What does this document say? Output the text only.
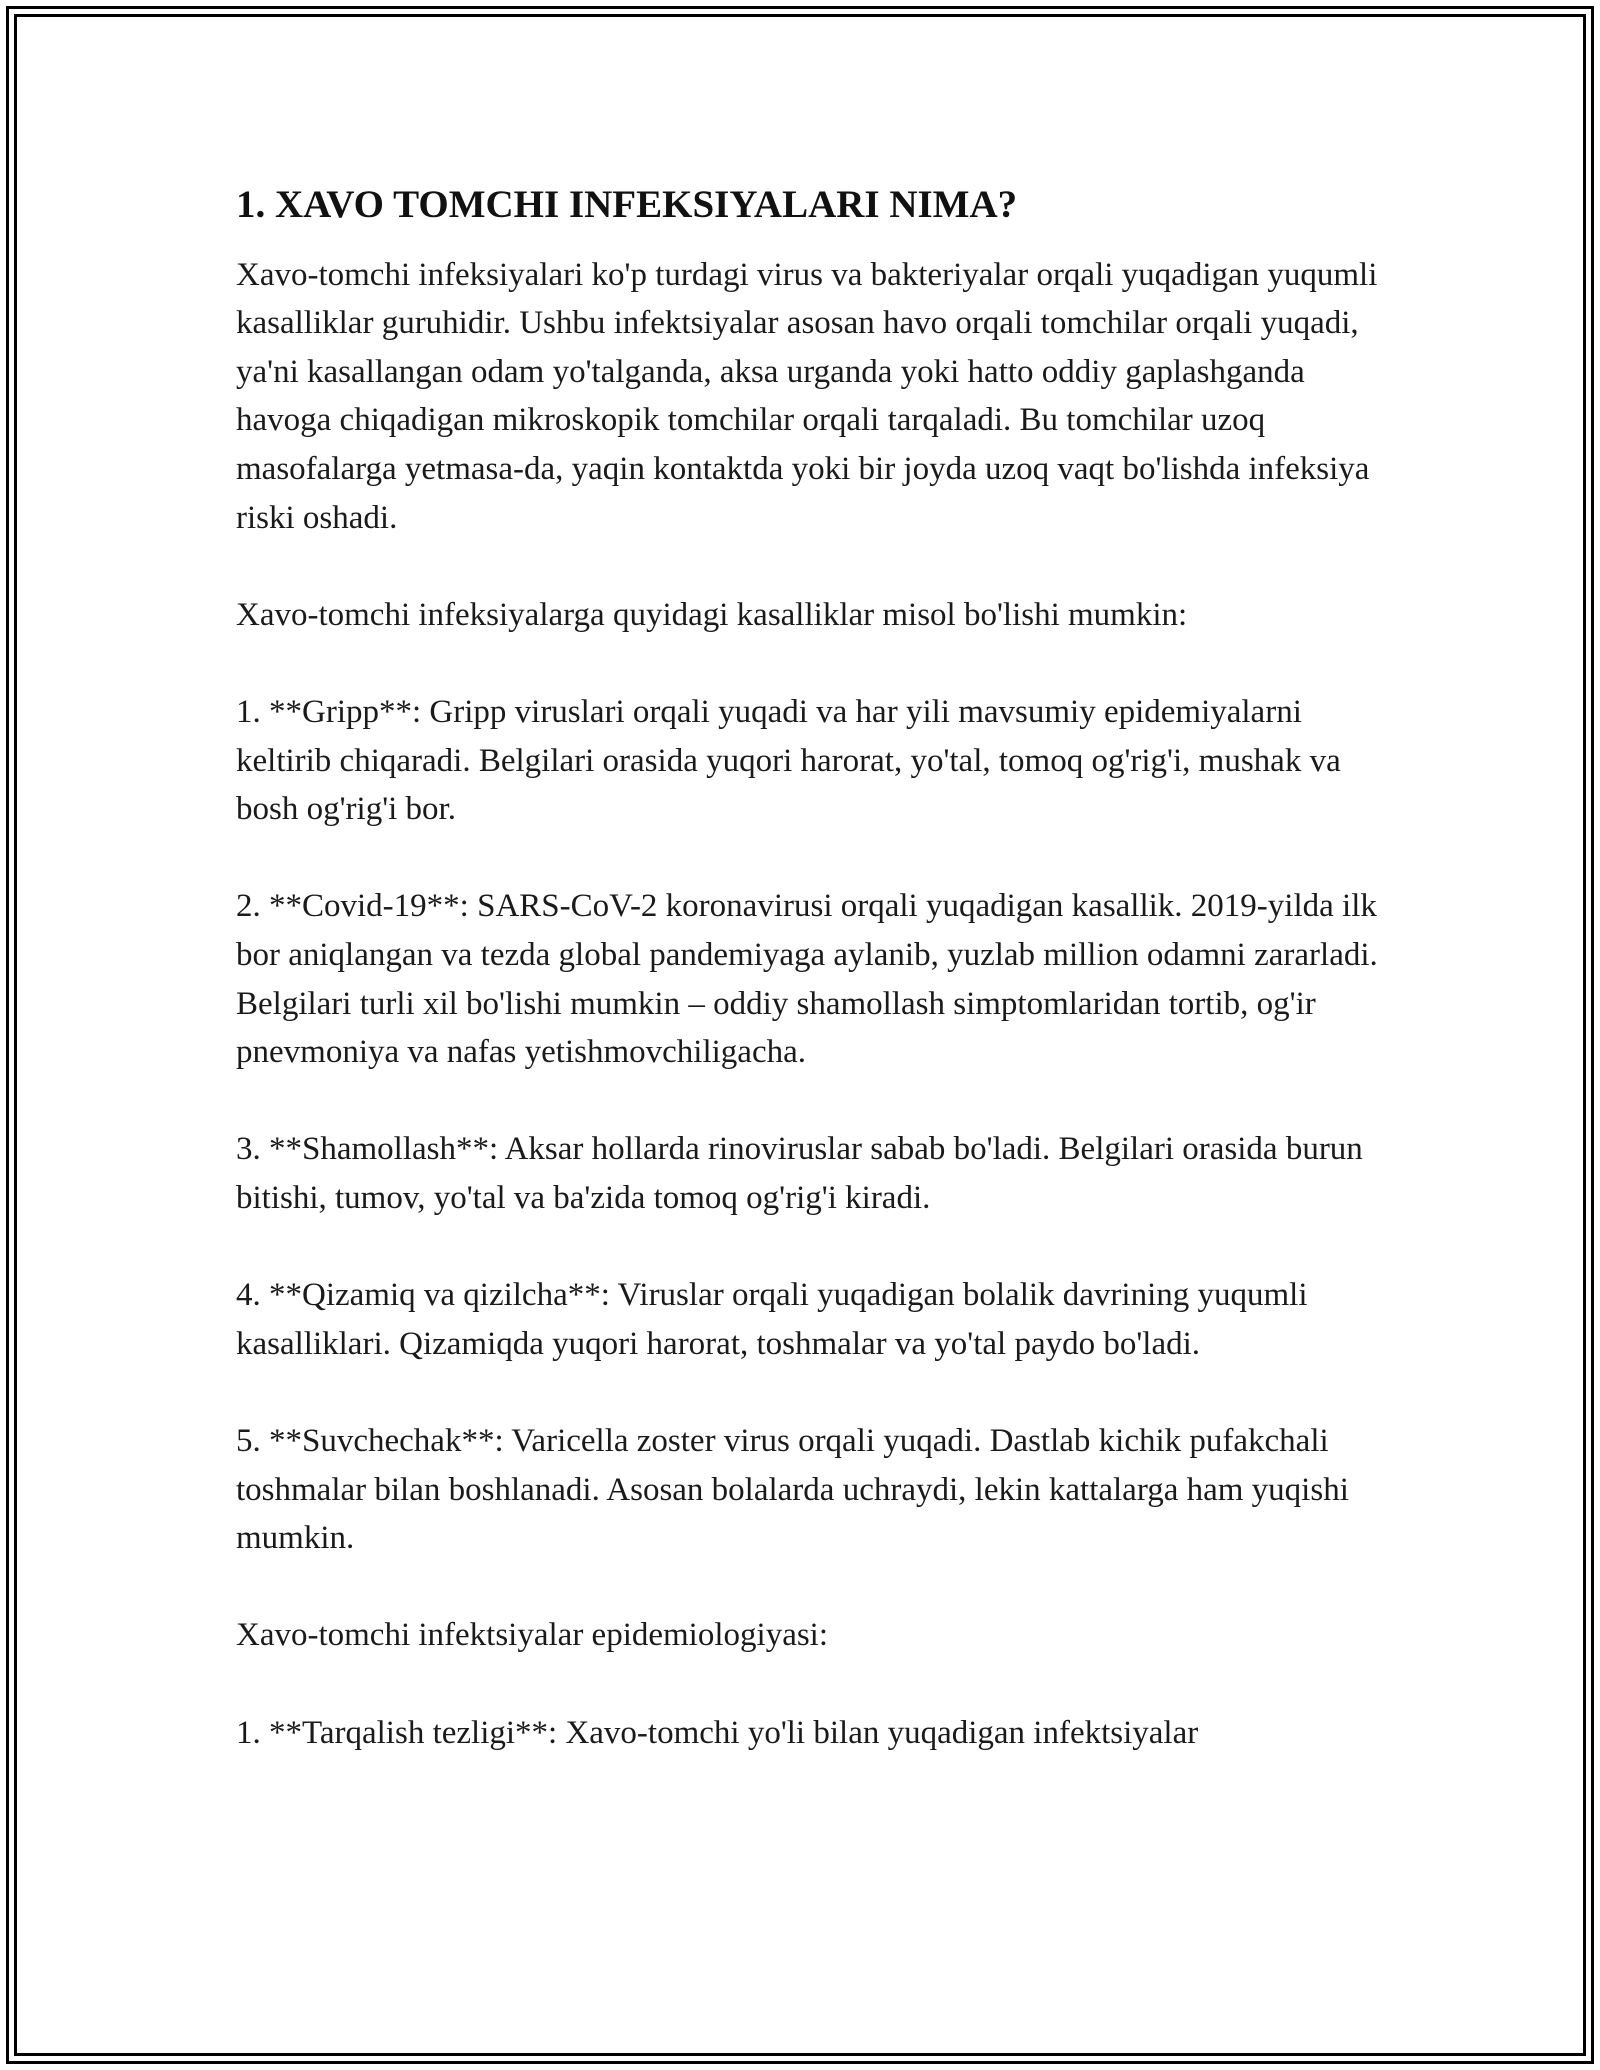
1. XAVO TOMCHI INFEKSIYALARI NIMA?

Xavo-tomchi infeksiyalari ko'p turdagi virus va bakteriyalar orqali yuqadigan yuqumli kasalliklar guruhidir. Ushbu infektsiyalar asosan havo orqali tomchilar orqali yuqadi, ya'ni kasallangan odam yo'talganda, aksa urganda yoki hatto oddiy gaplashganda havoga chiqadigan mikroskopik tomchilar orqali tarqaladi. Bu tomchilar uzoq masofalarga yetmasa-da, yaqin kontaktda yoki bir joyda uzoq vaqt bo'lishda infeksiya riski oshadi.

Xavo-tomchi infeksiyalarga quyidagi kasalliklar misol bo'lishi mumkin:

1. **Gripp**: Gripp viruslari orqali yuqadi va har yili mavsumiy epidemiyalarni keltirib chiqaradi. Belgilari orasida yuqori harorat, yo'tal, tomoq og'rig'i, mushak va bosh og'rig'i bor.

2. **Covid-19**: SARS-CoV-2 koronavirusi orqali yuqadigan kasallik. 2019-yilda ilk bor aniqlangan va tezda global pandemiyaga aylanib, yuzlab million odamni zararladi. Belgilari turli xil bo'lishi mumkin – oddiy shamollash simptomlaridan tortib, og'ir pnevmoniya va nafas yetishmovchiligacha.

3. **Shamollash**: Aksar hollarda rinoviruslar sabab bo'ladi. Belgilari orasida burun bitishi, tumov, yo'tal va ba'zida tomoq og'rig'i kiradi.

4. **Qizamiq va qizilcha**: Viruslar orqali yuqadigan bolalik davrining yuqumli kasalliklari. Qizamiqda yuqori harorat, toshmalar va yo'tal paydo bo'ladi.

5. **Suvchechak**: Varicella zoster virus orqali yuqadi. Dastlab kichik pufakchali toshmalar bilan boshlanadi. Asosan bolalarda uchraydi, lekin kattalarga ham yuqishi mumkin.

Xavo-tomchi infektsiyalar epidemiologiyasi:

1. **Tarqalish tezligi**: Xavo-tomchi yo'li bilan yuqadigan infektsiyalar
